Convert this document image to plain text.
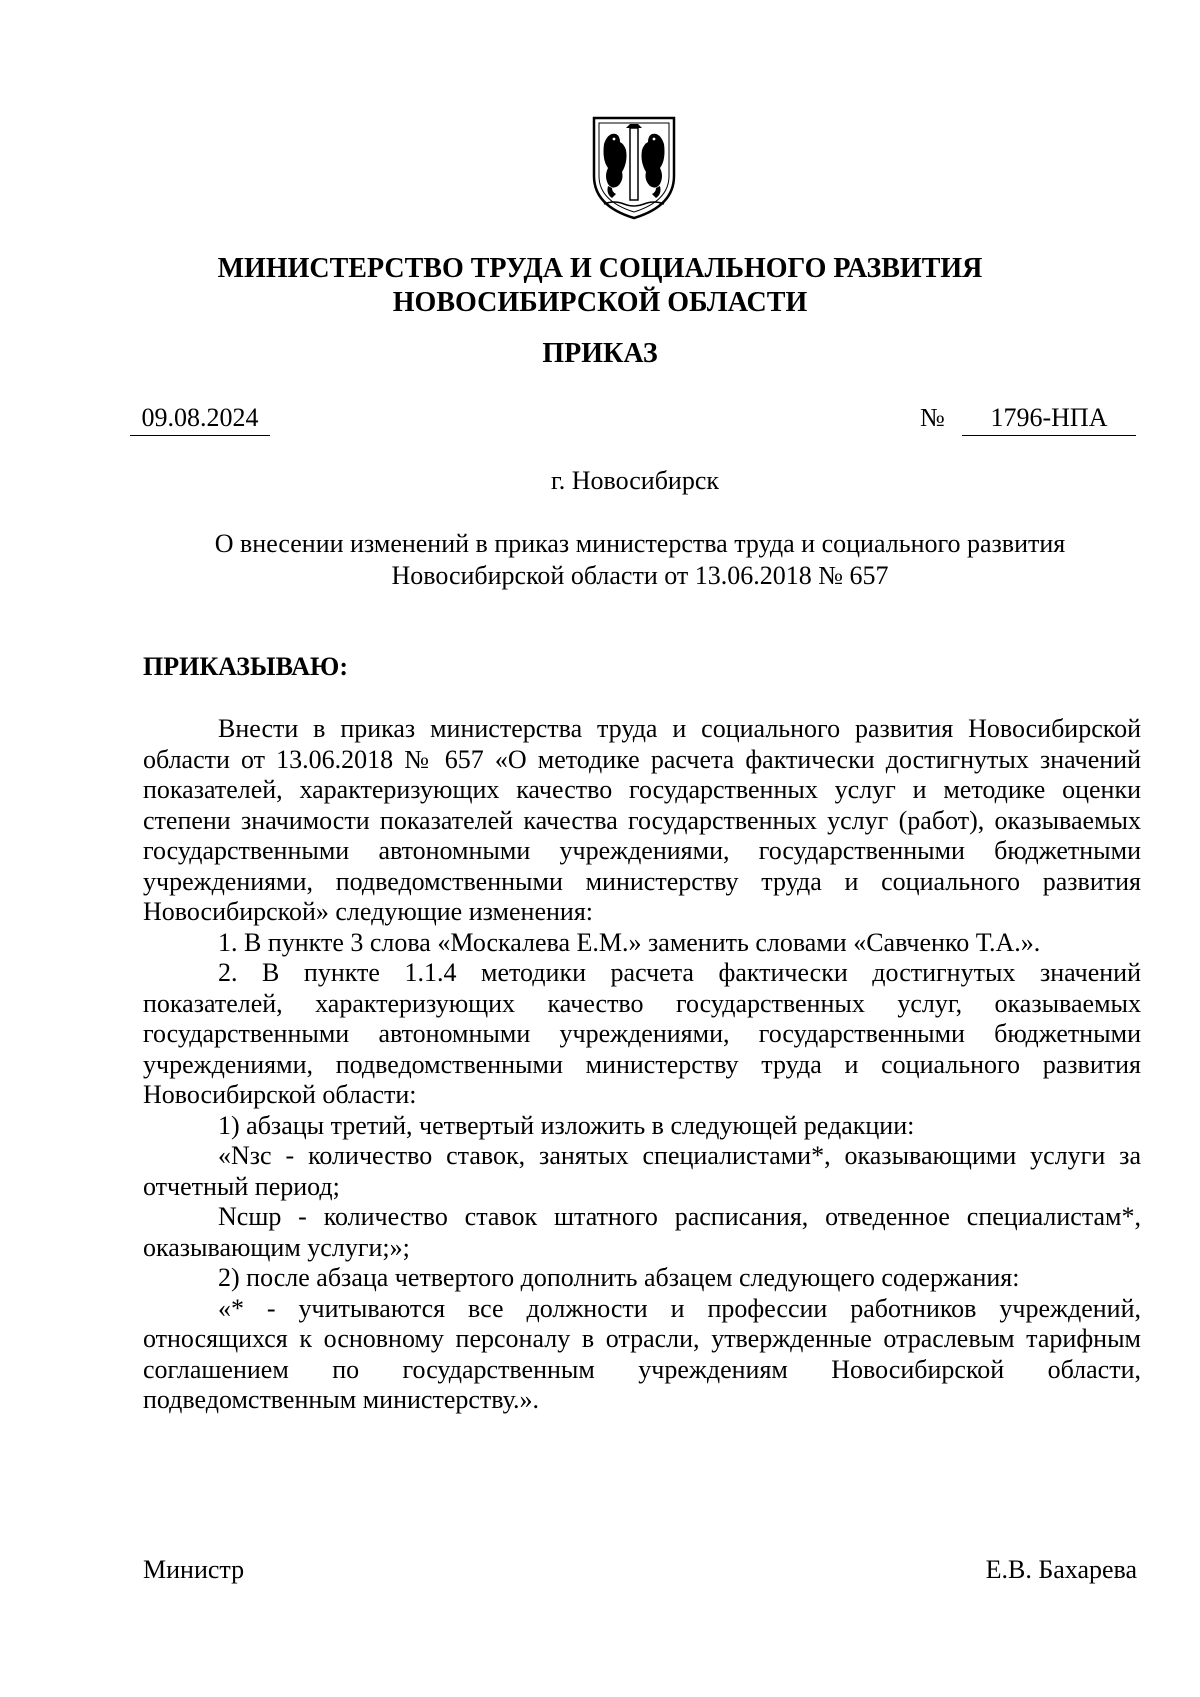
МИНИСТЕРСТВО ТРУДА И СОЦИАЛЬНОГО РАЗВИТИЯ
НОВОСИБИРСКОЙ ОБЛАСТИ
ПРИКАЗ
09.08.2024	№	1796-НПА
г. Новосибирск
О внесении изменений в приказ министерства труда и социального развития
Новосибирской области от 13.06.2018 № 657
ПРИКАЗЫВАЮ:

Внести в приказ министерства труда и социального развития Новосибирской области от 13.06.2018 № 657 «О методике расчета фактически достигнутых значений показателей, характеризующих качество государственных услуг и методике оценки степени значимости показателей качества государственных услуг (работ), оказываемых государственными автономными учреждениями, государственными бюджетными учреждениями, подведомственными министерству труда и социального развития Новосибирской» следующие изменения:

1. В пункте 3 слова «Москалева Е.М.» заменить словами «Савченко Т.А.».

2. В пункте 1.1.4 методики расчета фактически достигнутых значений показателей, характеризующих качество государственных услуг, оказываемых государственными автономными учреждениями, государственными бюджетными учреждениями, подведомственными министерству труда и социального развития Новосибирской области:

1) абзацы третий, четвертый изложить в следующей редакции:

«Nзс - количество ставок, занятых специалистами*, оказывающими услуги за отчетный период;

Nсшр - количество ставок штатного расписания, отведенное специалистам*, оказывающим услуги;»;

2) после абзаца четвертого дополнить абзацем следующего содержания:

«* - учитываются все должности и профессии работников учреждений, относящихся к основному персоналу в отрасли, утвержденные отраслевым тарифным соглашением по государственным учреждениям Новосибирской области, подведомственным министерству.».

Министр	Е.В. Бахарева
